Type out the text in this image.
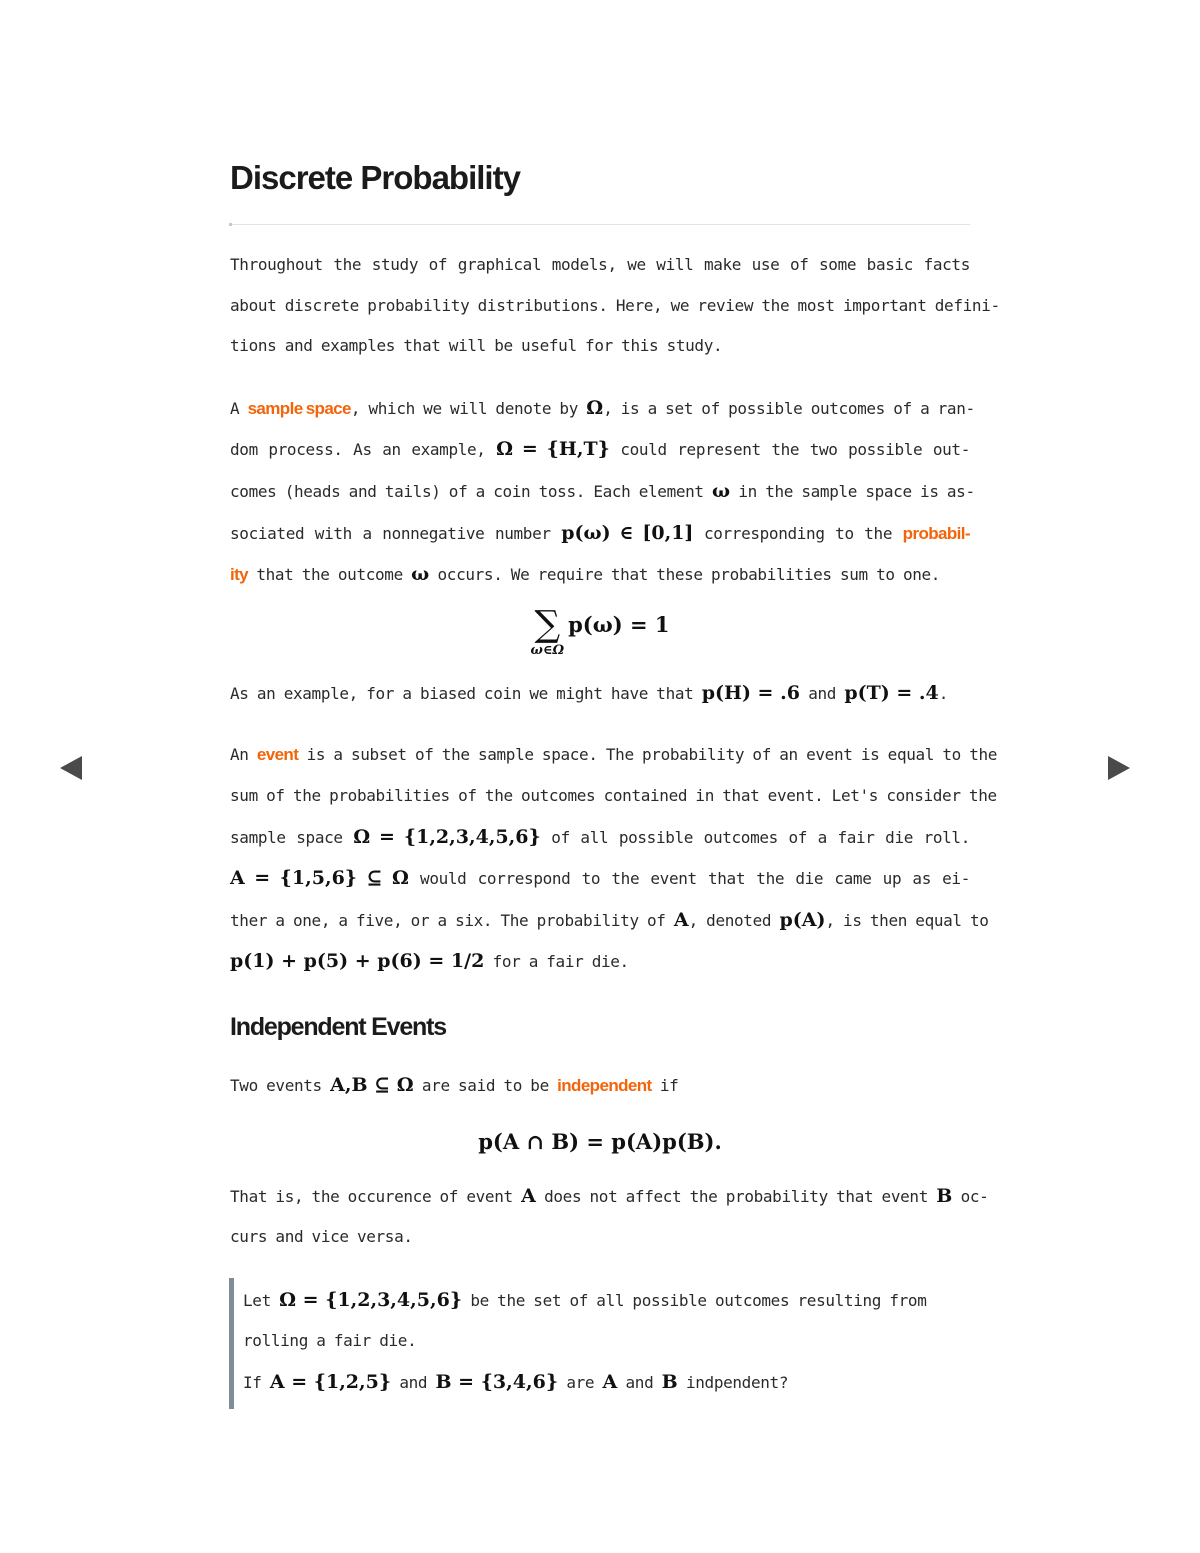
Discrete Probability

Throughout the study of graphical models, we will make use of some basic facts
about discrete probability distributions. Here, we review the most important defini-
tions and examples that will be useful for this study.

A sample space, which we will denote by Ω, is a set of possible outcomes of a ran-
dom process. As an example, Ω = {H,T} could represent the two possible out-
comes (heads and tails) of a coin toss. Each element ω in the sample space is as-
sociated with a nonnegative number p(ω) ∈ [0,1] corresponding to the probabil-
ity that the outcome ω occurs. We require that these probabilities sum to one.

∑
ω∈Ω
p(ω) = 1

As an example, for a biased coin we might have that p(H) = .6 and p(T) = .4.

An event is a subset of the sample space. The probability of an event is equal to the
sum of the probabilities of the outcomes contained in that event. Let's consider the
sample space Ω = {1,2,3,4,5,6} of all possible outcomes of a fair die roll.
A = {1,5,6} ⊆ Ω would correspond to the event that the die came up as ei-
ther a one, a five, or a six. The probability of A, denoted p(A), is then equal to
p(1) + p(5) + p(6) = 1/2 for a fair die.

Independent Events

Two events A,B ⊆ Ω are said to be independent if

p(A ∩ B) = p(A)p(B).

That is, the occurence of event A does not affect the probability that event B oc-
curs and vice versa.

Let Ω = {1,2,3,4,5,6} be the set of all possible outcomes resulting from
rolling a fair die.
If A = {1,2,5} and B = {3,4,6} are A and B indpendent?
